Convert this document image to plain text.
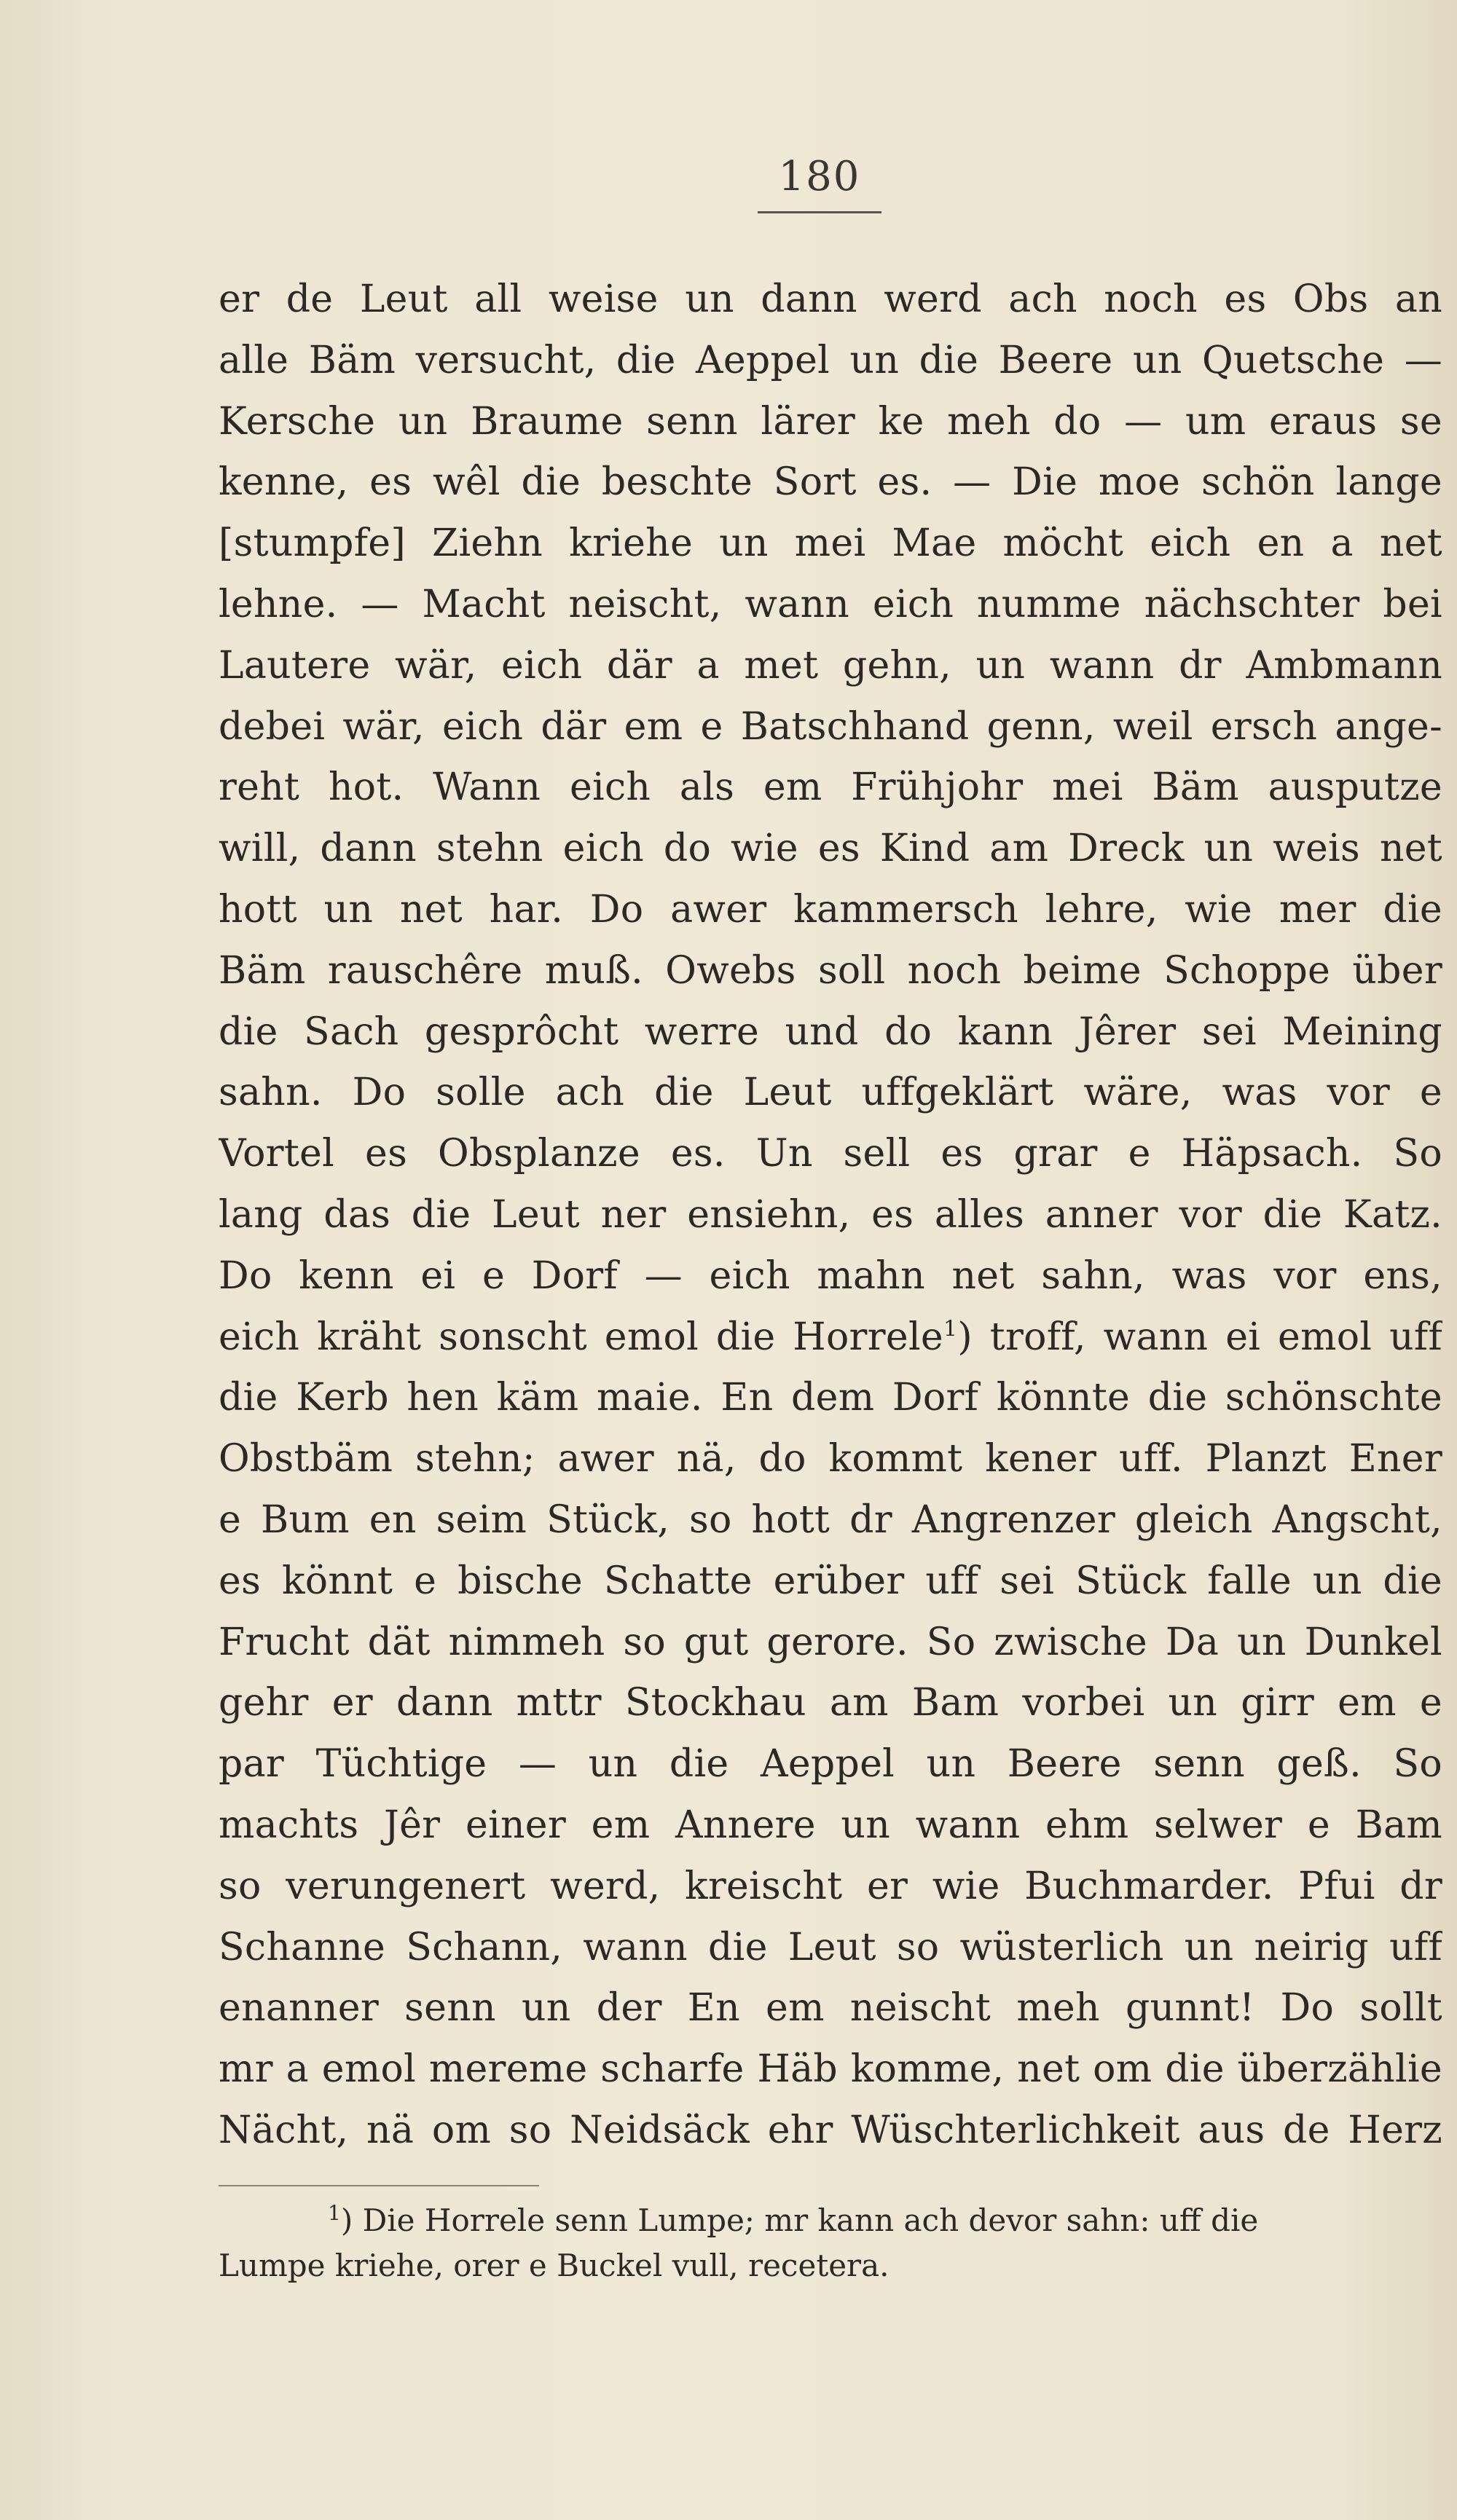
180
er de Leut all weise un dann werd ach noch es Obs an
alle Bäm versucht, die Aeppel un die Beere un Quetsche —
Kersche un Braume senn lärer ke meh do — um eraus se
kenne, es wêl die beschte Sort es. — Die moe schön lange
[stumpfe] Ziehn kriehe un mei Mae möcht eich en a net
lehne. — Macht neischt, wann eich numme nächschter bei
Lautere wär, eich där a met gehn, un wann dr Ambmann
debei wär, eich där em e Batschhand genn, weil ersch ange-
reht hot. Wann eich als em Frühjohr mei Bäm ausputze
will, dann stehn eich do wie es Kind am Dreck un weis net
hott un net har. Do awer kammersch lehre, wie mer die
Bäm rauschêre muß. Owebs soll noch beime Schoppe über
die Sach gesprôcht werre und do kann Jêrer sei Meining
sahn. Do solle ach die Leut uffgeklärt wäre, was vor e
Vortel es Obsplanze es. Un sell es grar e Häpsach. So
lang das die Leut ner ensiehn, es alles anner vor die Katz.
Do kenn ei e Dorf — eich mahn net sahn, was vor ens,
eich kräht sonscht emol die Horrele$^1$) troff, wann ei emol uff
die Kerb hen käm maie. En dem Dorf könnte die schönschte
Obstbäm stehn; awer nä, do kommt kener uff. Planzt Ener
e Bum en seim Stück, so hott dr Angrenzer gleich Angscht,
es könnt e bische Schatte erüber uff sei Stück falle un die
Frucht dät nimmeh so gut gerore. So zwische Da un Dunkel
gehr er dann mttr Stockhau am Bam vorbei un girr em e
par Tüchtige — un die Aeppel un Beere senn geß. So
machts Jêr einer em Annere un wann ehm selwer e Bam
so verungenert werd, kreischt er wie Buchmarder. Pfui dr
Schanne Schann, wann die Leut so wüsterlich un neirig uff
enanner senn un der En em neischt meh gunnt! Do sollt
mr a emol mereme scharfe Häb komme, net om die überzählie
Nächt, nä om so Neidsäck ehr Wüschterlichkeit aus de Herz
$^1$) Die Horrele senn Lumpe; mr kann ach devor sahn: uff die
Lumpe kriehe, orer e Buckel vull, recetera.
